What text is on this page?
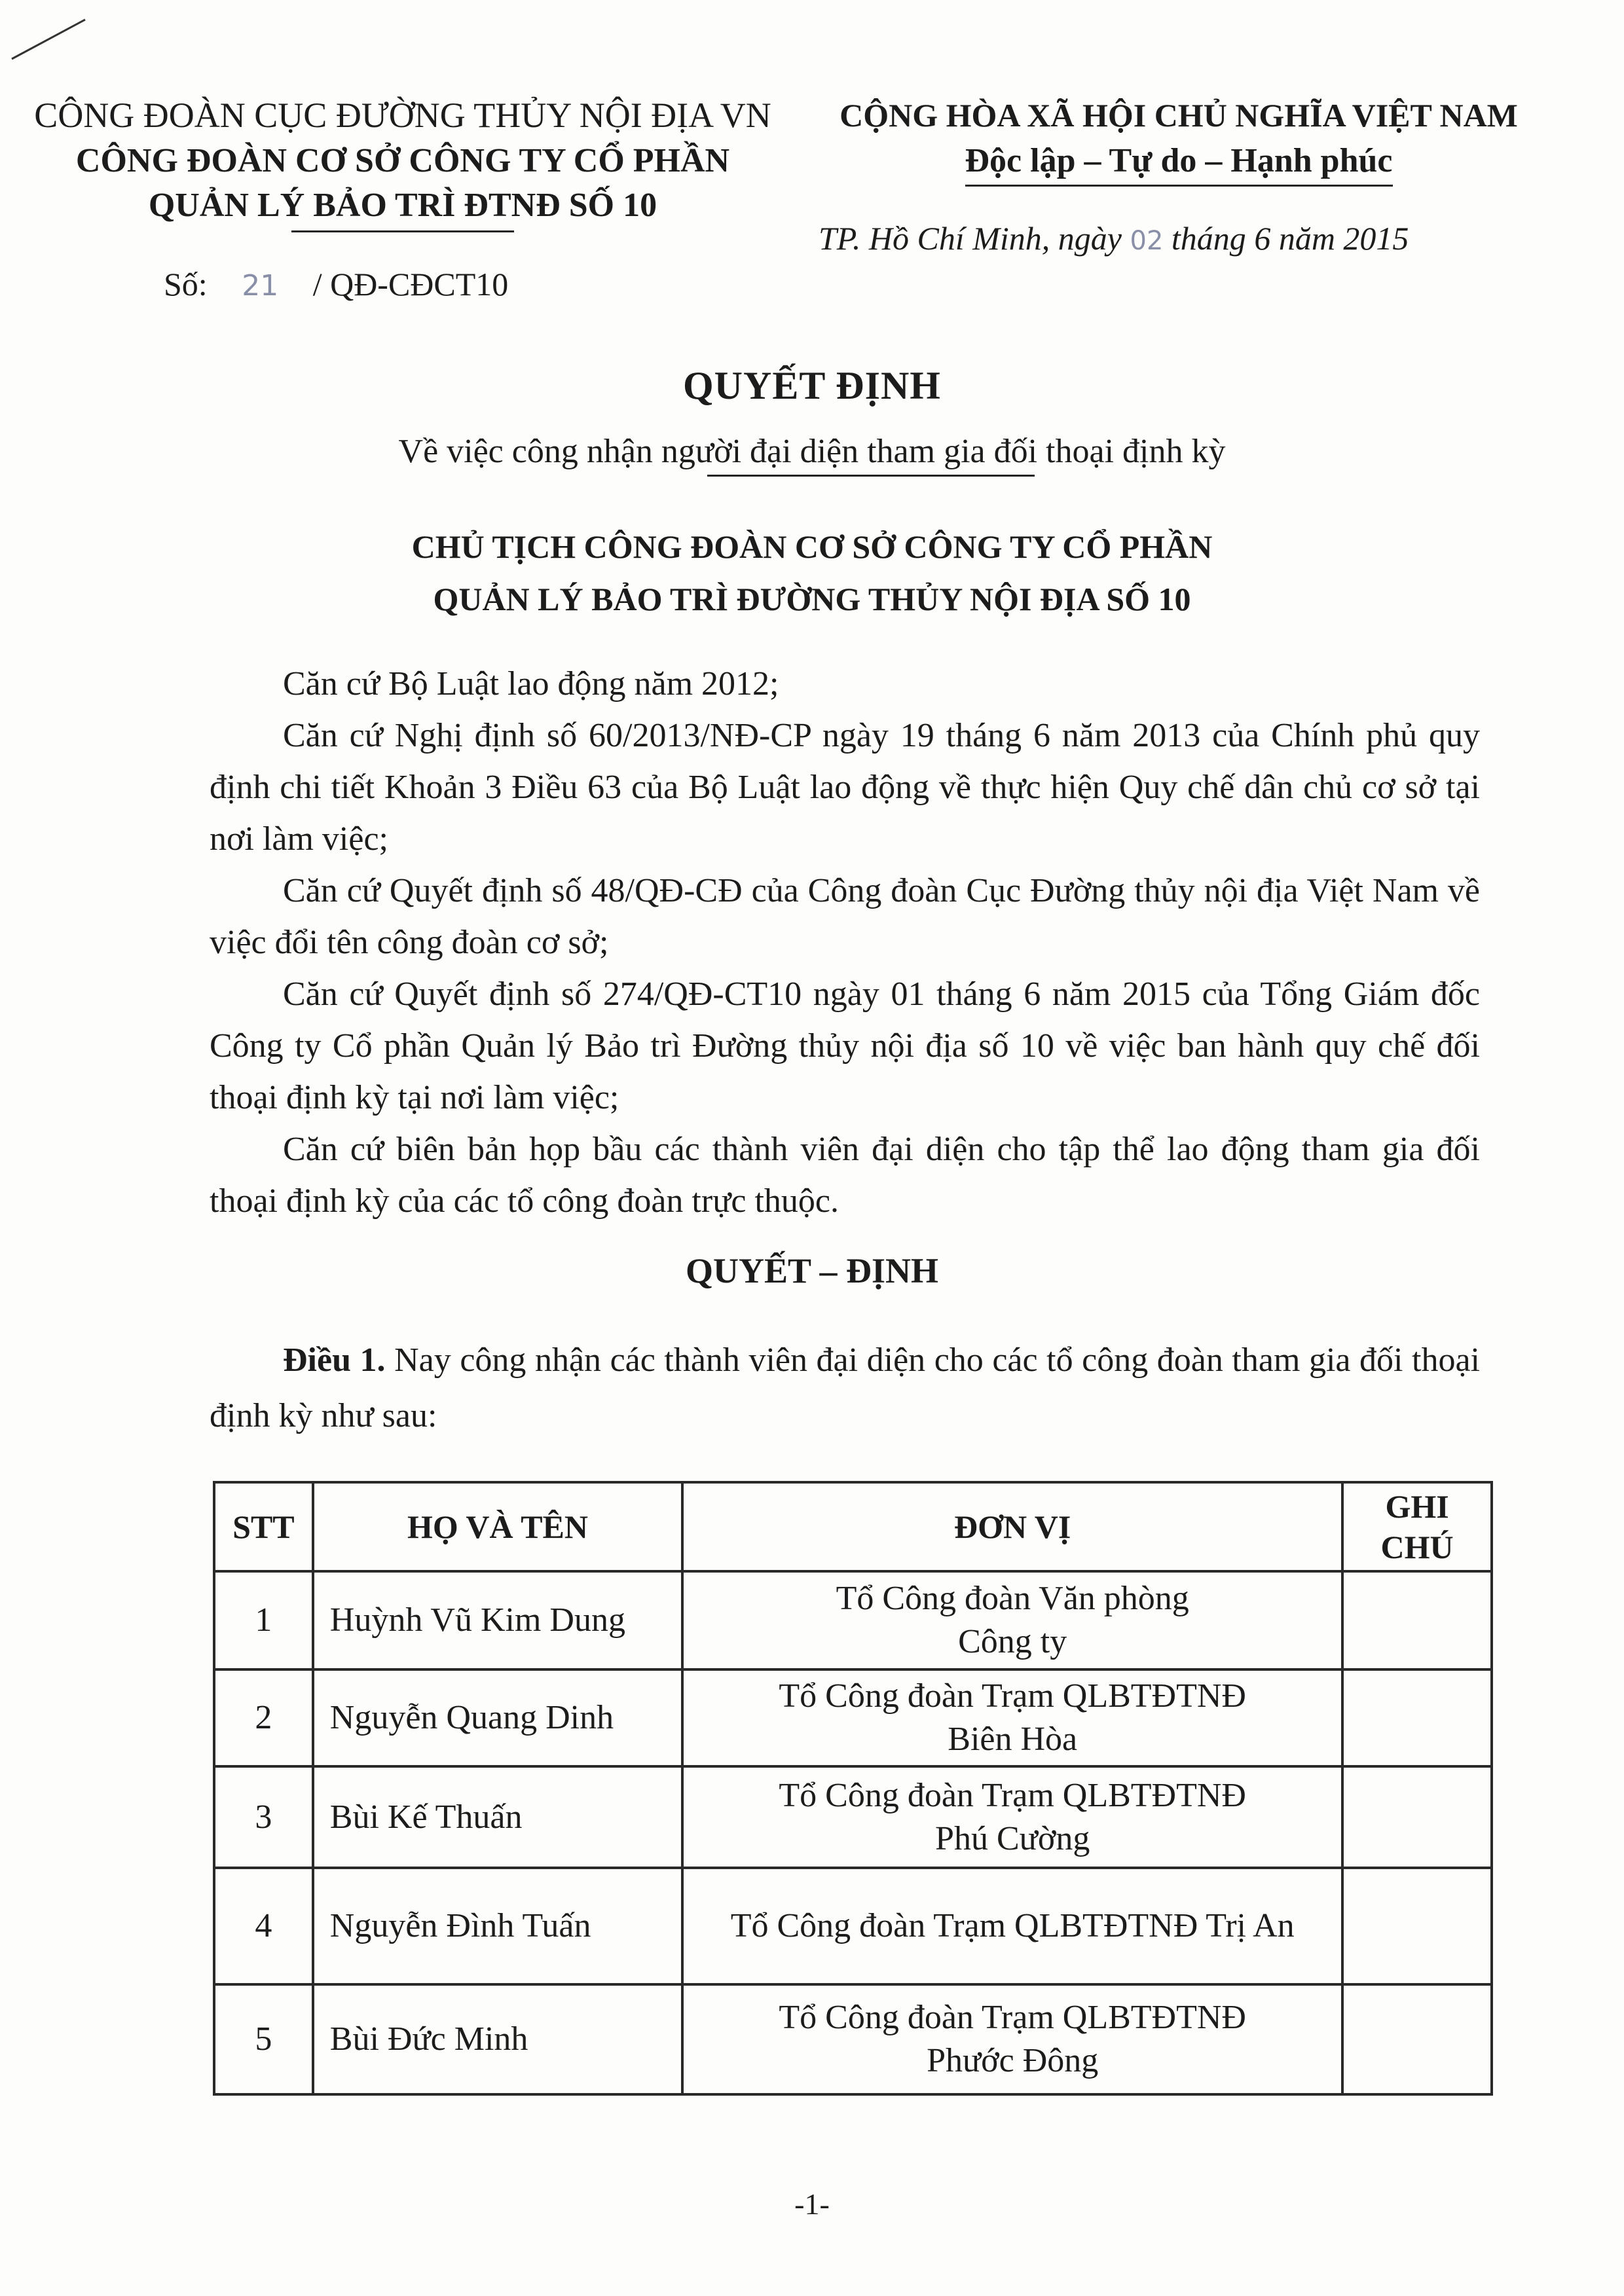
CÔNG ĐOÀN CỤC ĐƯỜNG THỦY NỘI ĐỊA VN
CÔNG ĐOÀN CƠ SỞ CÔNG TY CỔ PHẦN
QUẢN LÝ BẢO TRÌ ĐTNĐ SỐ 10
CỘNG HÒA XÃ HỘI CHỦ NGHĨA VIỆT NAM
Độc lập – Tự do – Hạnh phúc
TP. Hồ Chí Minh, ngày 02 tháng 6 năm 2015
Số: 21 / QĐ-CĐCT10
QUYẾT ĐỊNH
Về việc công nhận người đại diện tham gia đối thoại định kỳ
CHỦ TỊCH CÔNG ĐOÀN CƠ SỞ CÔNG TY CỔ PHẦN
QUẢN LÝ BẢO TRÌ ĐƯỜNG THỦY NỘI ĐỊA SỐ 10

Căn cứ Bộ Luật lao động năm 2012;

Căn cứ Nghị định số 60/2013/NĐ-CP ngày 19 tháng 6 năm 2013 của Chính phủ quy định chi tiết Khoản 3 Điều 63 của Bộ Luật lao động về thực hiện Quy chế dân chủ cơ sở tại nơi làm việc;

Căn cứ Quyết định số 48/QĐ-CĐ của Công đoàn Cục Đường thủy nội địa Việt Nam về việc đổi tên công đoàn cơ sở;

Căn cứ Quyết định số 274/QĐ-CT10 ngày 01 tháng 6 năm 2015 của Tổng Giám đốc Công ty Cổ phần Quản lý Bảo trì Đường thủy nội địa số 10 về việc ban hành quy chế đối thoại định kỳ tại nơi làm việc;

Căn cứ biên bản họp bầu các thành viên đại diện cho tập thể lao động tham gia đối thoại định kỳ của các tổ công đoàn trực thuộc.

QUYẾT – ĐỊNH

Điều 1. Nay công nhận các thành viên đại diện cho các tổ công đoàn tham gia đối thoại định kỳ như sau:

STT	HỌ VÀ TÊN	ĐƠN VỊ	GHI
CHÚ

1	Huỳnh Vũ Kim Dung	Tổ Công đoàn Văn phòng
Công ty	

2	Nguyễn Quang Dinh	Tổ Công đoàn Trạm QLBTĐTNĐ
Biên Hòa	

3	Bùi Kế Thuấn	Tổ Công đoàn Trạm QLBTĐTNĐ
Phú Cường	

4	Nguyễn Đình Tuấn	Tổ Công đoàn Trạm QLBTĐTNĐ Trị An	

5	Bùi Đức Minh	Tổ Công đoàn Trạm QLBTĐTNĐ
Phước Đông	

-1-
